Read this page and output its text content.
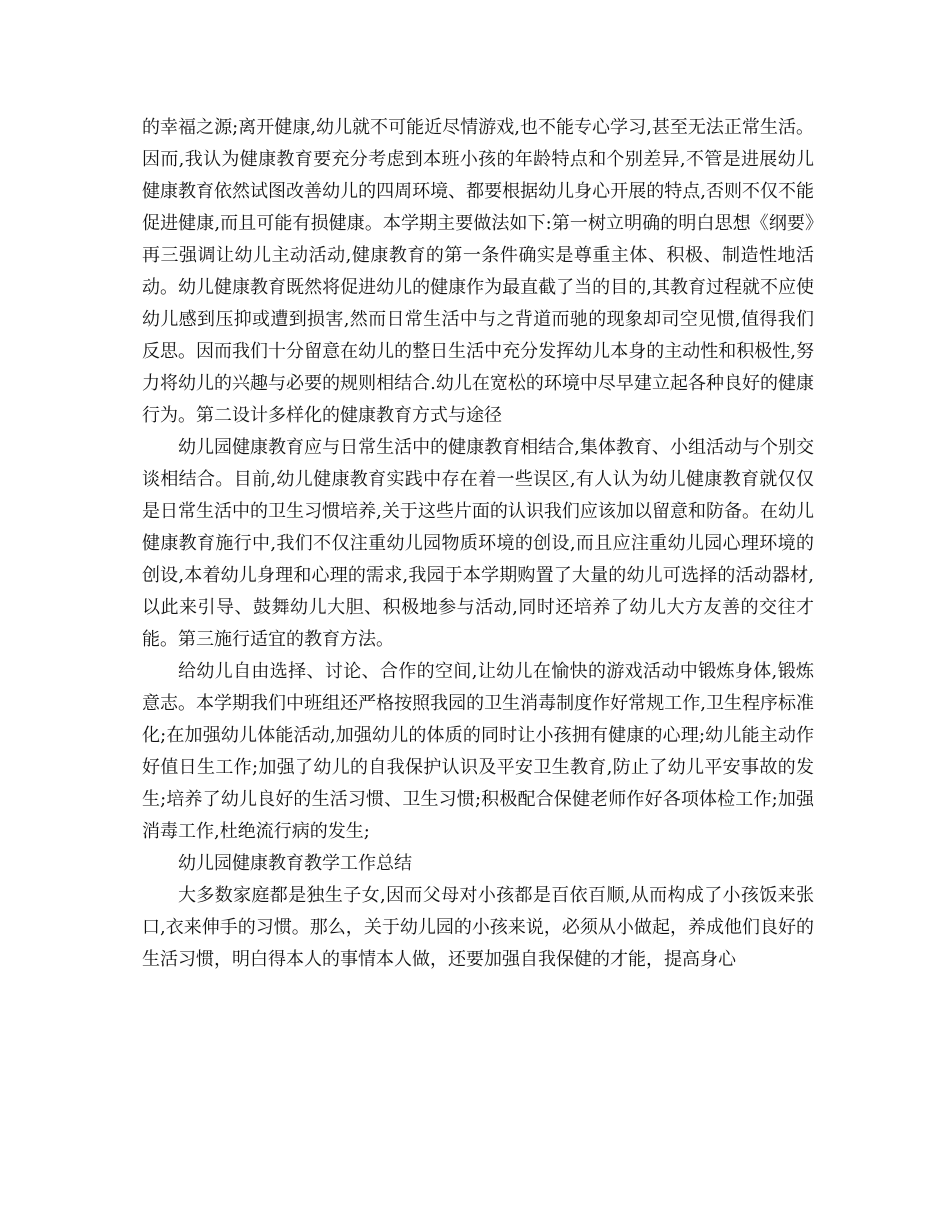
的幸福之源;离开健康,幼儿就不可能近尽情游戏,也不能专心学习,甚至无法正常生活。因而,我认为健康教育要充分考虑到本班小孩的年龄特点和个别差异,不管是进展幼儿健康教育依然试图改善幼儿的四周环境、都要根据幼儿身心开展的特点,否则不仅不能促进健康,而且可能有损健康。本学期主要做法如下:第一树立明确的明白思想《纲要》再三强调让幼儿主动活动,健康教育的第一条件确实是尊重主体、积极、制造性地活动。幼儿健康教育既然将促进幼儿的健康作为最直截了当的目的,其教育过程就不应使幼儿感到压抑或遭到损害,然而日常生活中与之背道而驰的现象却司空见惯,值得我们反思。因而我们十分留意在幼儿的整日生活中充分发挥幼儿本身的主动性和积极性,努力将幼儿的兴趣与必要的规则相结合.幼儿在宽松的环境中尽早建立起各种良好的健康行为。第二设计多样化的健康教育方式与途径

幼儿园健康教育应与日常生活中的健康教育相结合,集体教育、小组活动与个别交谈相结合。目前,幼儿健康教育实践中存在着一些误区,有人认为幼儿健康教育就仅仅是日常生活中的卫生习惯培养,关于这些片面的认识我们应该加以留意和防备。在幼儿健康教育施行中,我们不仅注重幼儿园物质环境的创设,而且应注重幼儿园心理环境的创设,本着幼儿身理和心理的需求,我园于本学期购置了大量的幼儿可选择的活动器材,以此来引导、鼓舞幼儿大胆、积极地参与活动,同时还培养了幼儿大方友善的交往才能。第三施行适宜的教育方法。

给幼儿自由选择、讨论、合作的空间,让幼儿在愉快的游戏活动中锻炼身体,锻炼意志。本学期我们中班组还严格按照我园的卫生消毒制度作好常规工作,卫生程序标准化;在加强幼儿体能活动,加强幼儿的体质的同时让小孩拥有健康的心理;幼儿能主动作好值日生工作;加强了幼儿的自我保护认识及平安卫生教育,防止了幼儿平安事故的发生;培养了幼儿良好的生活习惯、卫生习惯;积极配合保健老师作好各项体检工作;加强消毒工作,杜绝流行病的发生;

幼儿园健康教育教学工作总结

大多数家庭都是独生子女,因而父母对小孩都是百依百顺,从而构成了小孩饭来张口,衣来伸手的习惯。那么，关于幼儿园的小孩来说，必须从小做起，养成他们良好的生活习惯，明白得本人的事情本人做，还要加强自我保健的才能，提高身心
